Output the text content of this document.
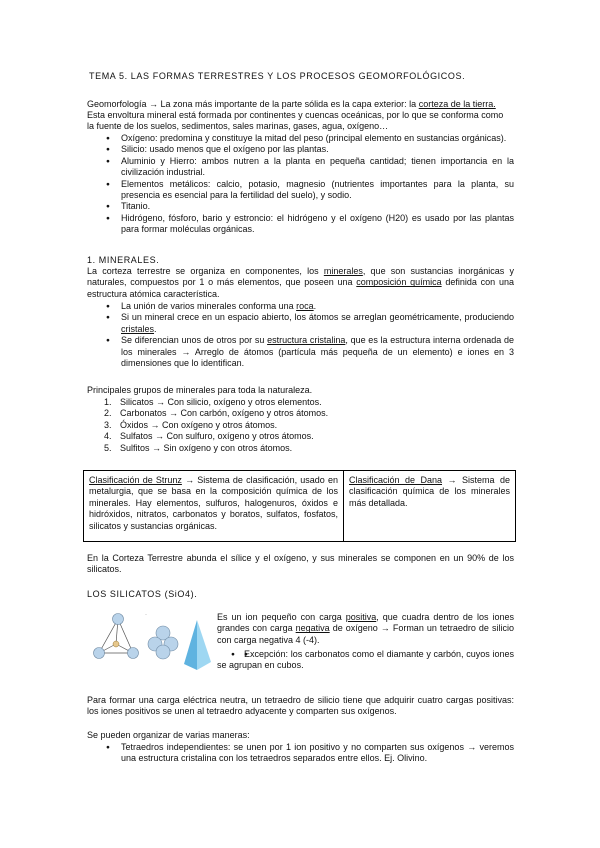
TEMA 5. LAS FORMAS TERRESTRES Y LOS PROCESOS GEOMORFOLÓGICOS.
Geomorfología → La zona más importante de la parte sólida es la capa exterior: la corteza de la tierra.
Esta envoltura mineral está formada por continentes y cuencas oceánicas, por lo que se conforma como
la fuente de los suelos, sedimentos, sales marinas, gases, agua, oxígeno…
● Oxígeno: predomina y constituye la mitad del peso (principal elemento en sustancias orgánicas).
● Silicio: usado menos que el oxígeno por las plantas.
● Aluminio y Hierro: ambos nutren a la planta en pequeña cantidad; tienen importancia en la civilización industrial.
● Elementos metálicos: calcio, potasio, magnesio (nutrientes importantes para la planta, su presencia es esencial para la fertilidad del suelo), y sodio.
● Titanio.
● Hidrógeno, fósforo, bario y estroncio: el hidrógeno y el oxígeno (H20) es usado por las plantas para formar moléculas orgánicas.
1. MINERALES.
La corteza terrestre se organiza en componentes, los minerales, que son sustancias inorgánicas y naturales, compuestos por 1 o más elementos, que poseen una composición química definida con una estructura atómica característica.
● La unión de varios minerales conforma una roca.
● Si un mineral crece en un espacio abierto, los átomos se arreglan geométricamente, produciendo cristales.
● Se diferencian unos de otros por su estructura cristalina, que es la estructura interna ordenada de los minerales → Arreglo de átomos (partícula más pequeña de un elemento) e iones en 3 dimensiones que lo identifican.
Principales grupos de minerales para toda la naturaleza.
1. Silicatos → Con silicio, oxígeno y otros elementos.
2. Carbonatos → Con carbón, oxígeno y otros átomos.
3. Óxidos → Con oxígeno y otros átomos.
4. Sulfatos → Con sulfuro, oxígeno y otros átomos.
5. Sulfitos → Sin oxígeno y con otros átomos.
Clasificación de Strunz → Sistema de clasificación, usado en metalurgia, que se basa en la composición química de los minerales. Hay elementos, sulfuros, halogenuros, óxidos e hidróxidos, nitratos, carbonatos y boratos, sulfatos, fosfatos, silicatos y sustancias orgánicas.
Clasificación de Dana → Sistema de clasificación química de los minerales más detallada.
En la Corteza Terrestre abunda el sílice y el oxígeno, y sus minerales se componen en un 90% de los silicatos.
LOS SILICATOS (SiO4).
·	Es un ion pequeño con carga positiva, que cuadra dentro de los iones grandes con carga negativa de oxígeno → Forman un tetraedro de silicio con carga negativa 4 (-4).
● ● Excepción: los carbonatos como el diamante y carbón, cuyos iones se agrupan en cubos.
Para formar una carga eléctrica neutra, un tetraedro de silicio tiene que adquirir cuatro cargas positivas: los iones positivos se unen al tetraedro adyacente y comparten sus oxígenos.
Se pueden organizar de varias maneras:
● Tetraedros independientes: se unen por 1 ion positivo y no comparten sus oxígenos → veremos una estructura cristalina con los tetraedros separados entre ellos. Ej. Olivino.
